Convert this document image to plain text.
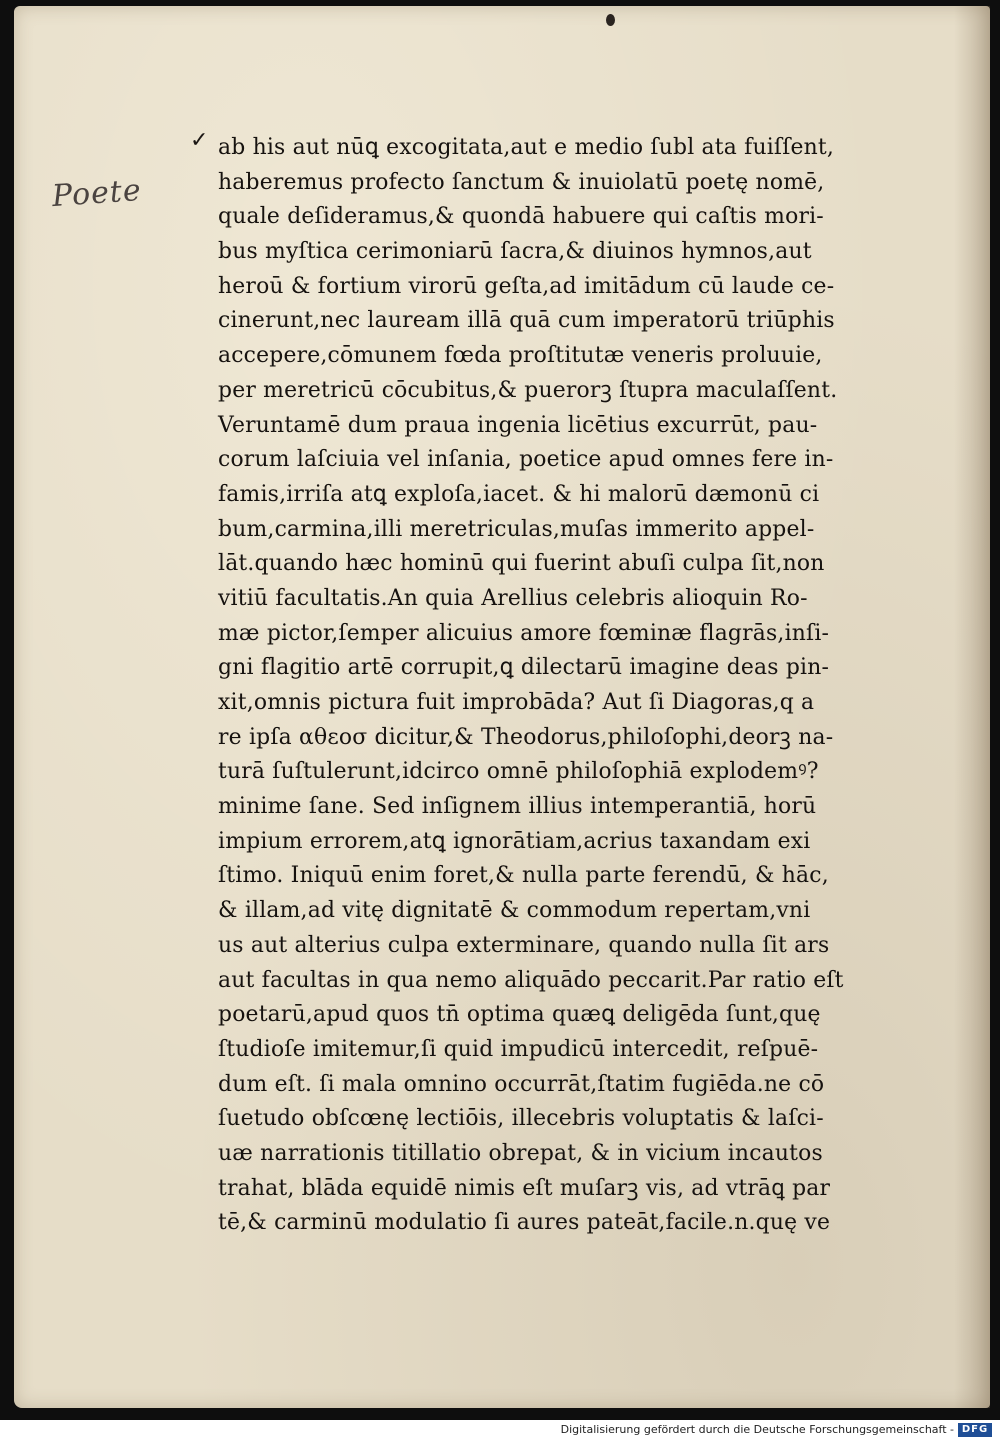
✓
Poete
ab his aut nūꝗ excogitata,aut e medio ſubl ata fuiſſent,
haberemus profecto ſanctum & inuiolatū poetę nomē,
quale deſideramus,& quondā habuere qui caſtis mori-
bus myſtica cerimoniarū ſacra,& diuinos hymnos,aut
heroū & fortium virorū geſta,ad imitādum cū laude ce-
cinerunt,nec lauream illā quā cum imperatorū triūphis
accepere,cōmunem fœda proſtitutæ veneris proluuie,
per meretricū cōcubitus,& puerorꝫ ſtupra maculaſſent.
Veruntamē dum praua ingenia licētius excurrūt, pau-
corum laſciuia vel inſania, poetice apud omnes fere in-
famis,irriſa atꝗ exploſa,iacet. & hi malorū dæmonū ci
bum,carmina,illi meretriculas,muſas immerito appel-
lāt.quando hæc hominū qui fuerint abuſi culpa ſit,non
vitiū facultatis.An quia Arellius celebris alioquin Ro-
mæ pictor,ſemper alicuius amore fœminæ flagrās,inſi-
gni flagitio artē corrupit,ꝗ dilectarū imagine deas pin-
xit,omnis pictura fuit improbāda? Aut ſi Diagoras,q a
re ipſa αθεοσ dicitur,& Theodorus,philoſophi,deorꝫ na-
turā ſuſtulerunt,idcirco omnē philoſophiā explodemꝰ?
minime ſane. Sed inſignem illius intemperantiā, horū
impium errorem,atꝗ ignorātiam,acrius taxandam exi
ſtimo. Iniquū enim foret,& nulla parte ferendū, & hāc,
& illam,ad vitę dignitatē & commodum repertam,vni
us aut alterius culpa exterminare, quando nulla ſit ars
aut facultas in qua nemo aliquādo peccarit.Par ratio eſt
poetarū,apud quos tn̄ optima quæꝗ deligēda ſunt,quę
ſtudioſe imitemur,ſi quid impudicū intercedit, reſpuē-
dum eſt. ſi mala omnino occurrāt,ſtatim fugiēda.ne cō
ſuetudo obſcœnę lectiōis, illecebris voluptatis & laſci-
uæ narrationis titillatio obrepat, & in vicium incautos
trahat, blāda equidē nimis eſt muſarꝫ vis, ad vtrāꝗ par
tē,& carminū modulatio ſi aures pateāt,facile.n.quę ve
Digitalisierung gefördert durch die Deutsche Forschungsgemeinschaft - DFG
